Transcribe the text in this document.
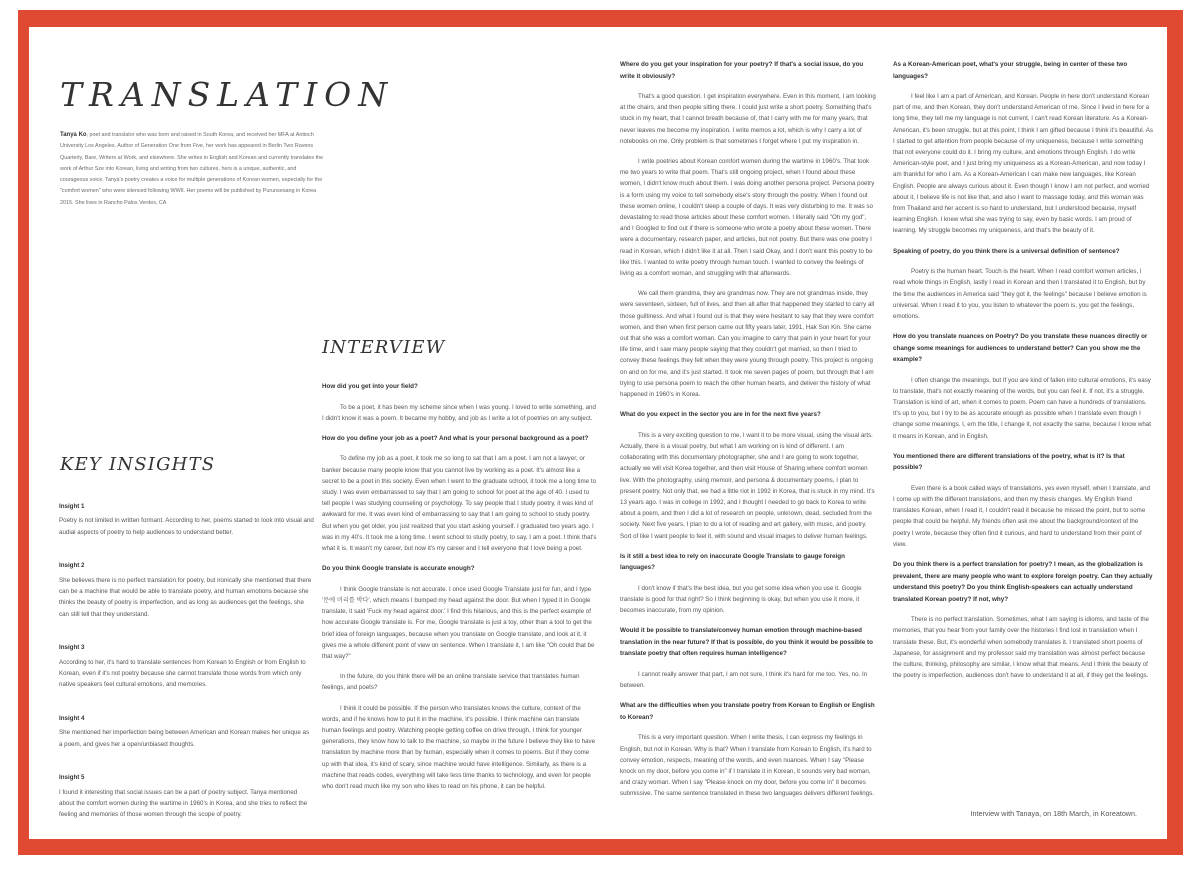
TRANSLATION
Tanya Ko, poet and translator who was born and raised in South Korea, and received her MFA at Antioch University Los Angeles. Author of Generation One from Five, her work has appeared in Berlin Two Ravens Quarterly, Bare, Writers at Work, and elsewhere. She writes in English and Korean and currently translates the work of Arthur Sze into Korean, living and writing from two cultures, hers is a unique, authentic, and courageous voice. Tanya's poetry creates a voice for multiple generations of Korean women, especially for the "comfort women" who were silenced following WWII. Her poems will be published by Purunsesang in Korea 2015. She lives in Rancho Palos Verdes, CA
KEY INSIGHTS

Insight 1

Poetry is not limited in written formant. According to her, poems started to look into visual and audial aspects of poetry to help audiences to understand better.

Insight 2

She believes there is no perfect translation for poetry, but ironically she mentioned that there can be a machine that would be able to translate poetry, and human emotions because she thinks the beauty of poetry is imperfection, and as long as audiences get the feelings, she can still tell that they understand.

Insight 3

According to her, it's hard to translate sentences from Korean to English or from English to Korean, even if it's not poetry because she cannot translate those words from which only native speakers feel cultural emotions, and memories.

Insight 4

She mentioned her imperfection being between American and Korean makes her unique as a poem, and gives her a open/unbiased thoughts.

Insight 5

I found it interesting that social issues can be a part of poetry subject. Tanya mentioned about the comfort women during the wartime in 1960's in Korea, and she tries to reflect the feeling and memories of those women through the scope of poetry.

INTERVIEW

How did you get into your field?

To be a poet, it has been my scheme since when I was young. I loved to write something, and I didn't know it was a poem. It became my hobby, and job as I write a lot of poetries on any subject.

How do you define your job as a poet? And what is your personal background as a poet?

To define my job as a poet, it took me so long to sat that I am a poet. I am not a lawyer, or banker because many people know that you cannot live by working as a poet. It's almost like a secret to be a poet in this society. Even when I went to the graduate school, it took me a long time to study. I was even embarrassed to say that I am going to school for poet at the age of 40. I used to tell people I was studying counseling or psychology. To say people that I study poetry, it was kind of awkward for me. It was even kind of embarrassing to say that I am going to school to study poetry. But when you get older, you just realized that you start asking yourself. I graduated two years ago. I was in my 40's. It took me a long time. I went school to study poetry, to say, I am a poet. I think that's what it is. It wasn't my career, but now it's my career and I tell everyone that I love being a poet.

Do you think Google translate is accurate enough?

I think Google translate is not accurate. I once used Google Translate just for fun, and I type '문에 머리를 박다', which means I bumped my head against the door. But when I typed it in Google translate, it said 'Fuck my head against door.' I find this hilarious, and this is the perfect example of how accurate Google translate is. For me, Google translate is just a toy, other than a tool to get the brief idea of foreign languages, because when you translate on Google translate, and look at it, it gives me a whole different point of view on sentence. When I translate it, I am like "Oh could that be that way?"

In the future, do you think there will be an online translate service that translates human feelings, and poets?

I think it could be possible. If the person who translates knows the culture, context of the words, and if he knows how to put it in the machine, it's possible. I think machine can translate human feelings and poetry. Watching people getting coffee on drive through, I think for younger generations, they know how to talk to the machine, so maybe in the future I believe they like to have translation by machine more than by human, especially when it comes to poems. But if they come up with that idea, it's kind of scary, since machine would have intelligence. Similarly, as there is a machine that reads codes, everything will take less time thanks to technology, and even for people who don't read much like my son who likes to read on his phone, it can be helpful.

Where do you get your inspiration for your poetry? If that's a social issue, do you write it obviously?

That's a good question. I get inspiration everywhere. Even in this moment, I am looking at the chairs, and then people sitting there. I could just write a short poetry. Something that's stuck in my heart, that I cannot breath because of, that I carry with me for many years, that never leaves me become my inspiration. I write memos a lot, which is why I carry a lot of notebooks on me. Only problem is that sometimes I forget where I put my inspiration in.

I write poetries about Korean comfort women during the wartime in 1960's. That took me two years to write that poem. That's still ongoing project, when I found about these women, I didn't know much about them. I was doing another persona project. Persona poetry is a form using my voice to tell somebody else's story through the poetry. When I found out these women online, I couldn't sleep a couple of days. It was very disturbing to me. It was so devastating to read those articles about these comfort women. I literally said "Oh my god", and I Googled to find out if there is someone who wrote a poetry about these women. There were a documentary, research paper, and articles, but not poetry. But there was one poetry I read in Korean, which I didn't like it at all. Then I said Okay, and I don't want this poetry to be like this. I wanted to write poetry through human touch. I wanted to convey the feelings of living as a comfort woman, and struggling with that afterwards.

We call them grandma, they are grandmas now. They are not grandmas inside, they were seventeen, sixteen, full of lives, and then all after that happened they started to carry all those guiltiness. And what I found out is that they were hesitant to say that they were comfort women, and then when first person came out fifty years later, 1991, Hak Son Kin. She came out that she was a comfort woman. Can you imagine to carry that pain in your heart for your life time, and I saw many people saying that they couldn't get married, so then I tried to convey these feelings they felt when they were young through poetry. This project is ongoing on and on for me, and it's just started. It took me seven pages of poem, but through that I am trying to use persona poem to reach the other human hearts, and deliver the history of what happened in 1960's in Korea.

What do you expect in the sector you are in for the next five years?

This is a very exciting question to me, I want it to be more visual, using the visual arts. Actually, there is a visual poetry, but what I am working on is kind of different. I am collaborating with this documentary photographer, she and I are going to work together, actually we will visit Korea together, and then visit House of Sharing where comfort women live. With the photography, using memoir, and persona & documentary poems, I plan to present poetry. Not only that, we had a little riot in 1992 in Korea, that is stuck in my mind. It's 13 years ago. I was in college in 1992, and I thought I needed to go back to Korea to write about a poem, and then I did a lot of research on people, unknown, dead, secluded from the society. Next five years, I plan to do a lot of reading and art gallery, with music, and poetry. Sort of like I want people to feel it, with sound and visual images to deliver human feelings.

Is it still a best idea to rely on inaccurate Google Translate to gauge foreign languages?

I don't know if that's the best idea, but you get some idea when you use it. Google translate is good for that right? So I think beginning is okay, but when you use it more, it becomes inaccurate, from my opinion.

Would it be possible to translate/convey human emotion through machine-based translation in the near future? If that is possible, do you think it would be possible to translate poetry that often requires human intelligence?

I cannot really answer that part, I am not sure, I think it's hard for me too. Yes, no. In between.

What are the difficulties when you translate poetry from Korean to English or English to Korean?

This is a very important question. When I write thesis, I can express my feelings in English, but not in Korean. Why is that? When I translate from Korean to English, it's hard to convey emotion, respects, meaning of the words, and even nuances. When I say "Please knock on my door, before you come in" if I translate it in Korean, it sounds very bad woman, and crazy woman. When I say "Please knock on my door, before you come in" it becomes submissive. The same sentence translated in these two languages delivers different feelings.

As a Korean-American poet, what's your struggle, being in center of these two languages?

I feel like I am a part of American, and Korean. People in here don't understand Korean part of me, and then Korean, they don't understand American of me. Since I lived in here for a long time, they tell me my language is not current, I can't read Korean literature. As a Korean-American, it's been struggle, but at this point, I think I am gifted because I think it's beautiful. As I started to get attention from people because of my uniqueness, because I write something that not everyone could do it. I bring my culture, and emotions through English. I do write American-style poet, and I just bring my uniqueness as a Korean-American, and now today I am thankful for who I am. As a Korean-American I can make new languages, like Korean English. People are always curious about it. Even though I know I am not perfect, and worried about it, I believe life is not like that, and also I want to massage today, and this woman was from Thailand and her accent is so hard to understand, but I understood because, myself learning English. I knew what she was trying to say, even by basic words. I am proud of learning. My struggle becomes my uniqueness, and that's the beauty of it.

Speaking of poetry, do you think there is a universal definition of sentence?

Poetry is the human heart. Touch is the heart. When I read comfort women articles, I read whole things in English, lastly I read in Korean and then I translated it to English, but by the time the audiences in America said "they got it, the feelings" because I believe emotion is universal. When I read it to you, you listen to whatever the poem is, you get the feelings, emotions.

How do you translate nuances on Poetry? Do you translate these nuances directly or change some meanings for audiences to understand better? Can you show me the example?

I often change the meanings, but If you are kind of fallen into cultural emotions, it's easy to translate, that's not exactly meaning of the words, but you can feel it. If not, it's a struggle. Translation is kind of art, when it comes to poem. Poem can have a hundreds of translations. It's up to you, but I try to be as accurate enough as possible when I translate even though I change some meanings. I, em the title, I change it, not exactly the same, because I know what it means in Korean, and in English.

You mentioned there are different translations of the poetry, what is it? Is that possible?

Even there is a book called ways of translations, yes even myself, when I translate, and I come up with the different translations, and then my thesis changes. My English friend translates Korean, when I read it, I couldn't read it because he missed the point, but to some people that could be helpful. My friends often ask me about the background/context of the poetry I wrote, because they often find it curious, and hard to understand from their point of view.

Do you think there is a perfect translation for poetry? I mean, as the globalization is prevalent, there are many people who want to explore foreign poetry. Can they actually understand this poetry? Do you think English-speakers can actually understand translated Korean poetry? If not, why?

There is no perfect translation. Sometimes, what I am saying is idioms, and taste of the memories, that you hear from your family over the histories I find lost in translation when I translate these. But, it's wonderful when somebody translates it. I translated short poems of Japanese, for assignment and my professor said my translation was almost perfect because the culture, thinking, philosophy are similar, I know what that means. And I think the beauty of the poetry is imperfection, audiences don't have to understand it at all, if they get the feelings.

Interview with Tanaya, on 18th March, in Koreatown.
